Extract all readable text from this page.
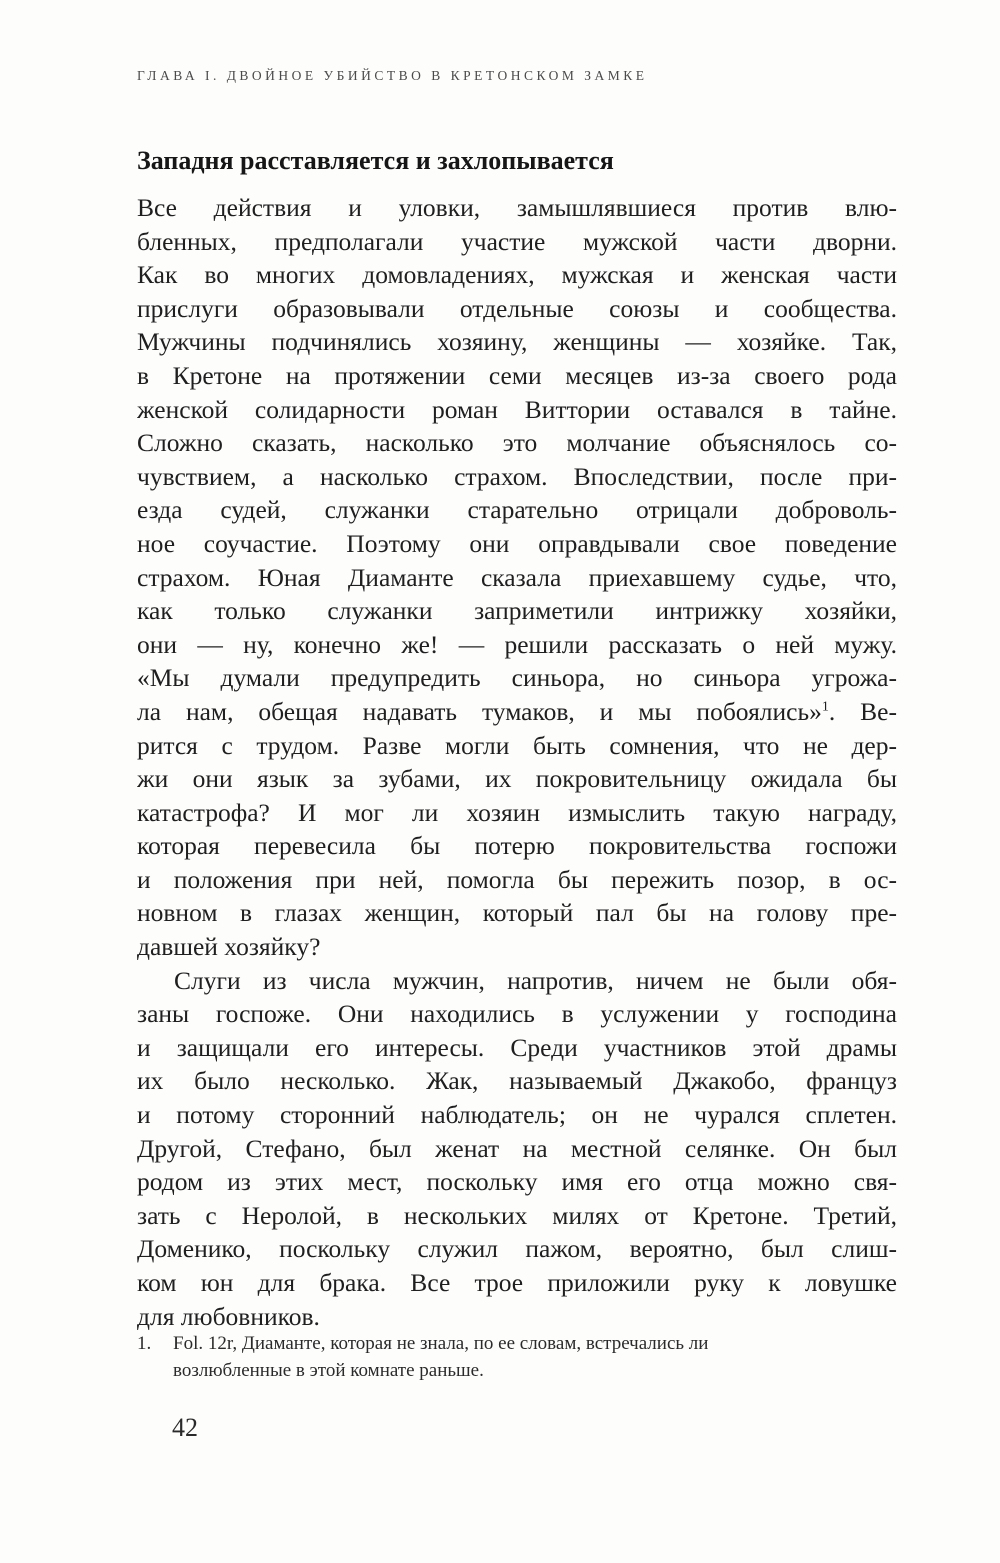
ГЛАВА I. ДВОЙНОЕ УБИЙСТВО В КРЕТОНСКОМ ЗАМКЕ
Западня расставляется и захлопывается
Все действия и уловки, замышлявшиеся против влю-
бленных, предполагали участие мужской части дворни.
Как во многих домовладениях, мужская и женская части
прислуги образовывали отдельные союзы и сообщества.
Мужчины подчинялись хозяину, женщины — хозяйке. Так,
в Кретоне на протяжении семи месяцев из-за своего рода
женской солидарности роман Виттории оставался в тайне.
Сложно сказать, насколько это молчание объяснялось со-
чувствием, а насколько страхом. Впоследствии, после при-
езда судей, служанки старательно отрицали доброволь-
ное соучастие. Поэтому они оправдывали свое поведение
страхом. Юная Диаманте сказала приехавшему судье, что,
как только служанки заприметили интрижку хозяйки,
они — ну, конечно же! — решили рассказать о ней мужу.
«Мы думали предупредить синьора, но синьора угрожа-
ла нам, обещая надавать тумаков, и мы побоялись»$^1$. Ве-
рится с трудом. Разве могли быть сомнения, что не дер-
жи они язык за зубами, их покровительницу ожидала бы
катастрофа? И мог ли хозяин измыслить такую награду,
которая перевесила бы потерю покровительства госпожи
и положения при ней, помогла бы пережить позор, в ос-
новном в глазах женщин, который пал бы на голову пре-
давшей хозяйку?
Слуги из числа мужчин, напротив, ничем не были обя-
заны госпоже. Они находились в услужении у господина
и защищали его интересы. Среди участников этой драмы
их было несколько. Жак, называемый Джакобо, француз
и потому сторонний наблюдатель; он не чурался сплетен.
Другой, Стефано, был женат на местной селянке. Он был
родом из этих мест, поскольку имя его отца можно свя-
зать с Неролой, в нескольких милях от Кретоне. Третий,
Доменико, поскольку служил пажом, вероятно, был слиш-
ком юн для брака. Все трое приложили руку к ловушке
для любовников.
1. Fol. 12r, Диаманте, которая не знала, по ее словам, встречались ли
возлюбленные в этой комнате раньше.
42
